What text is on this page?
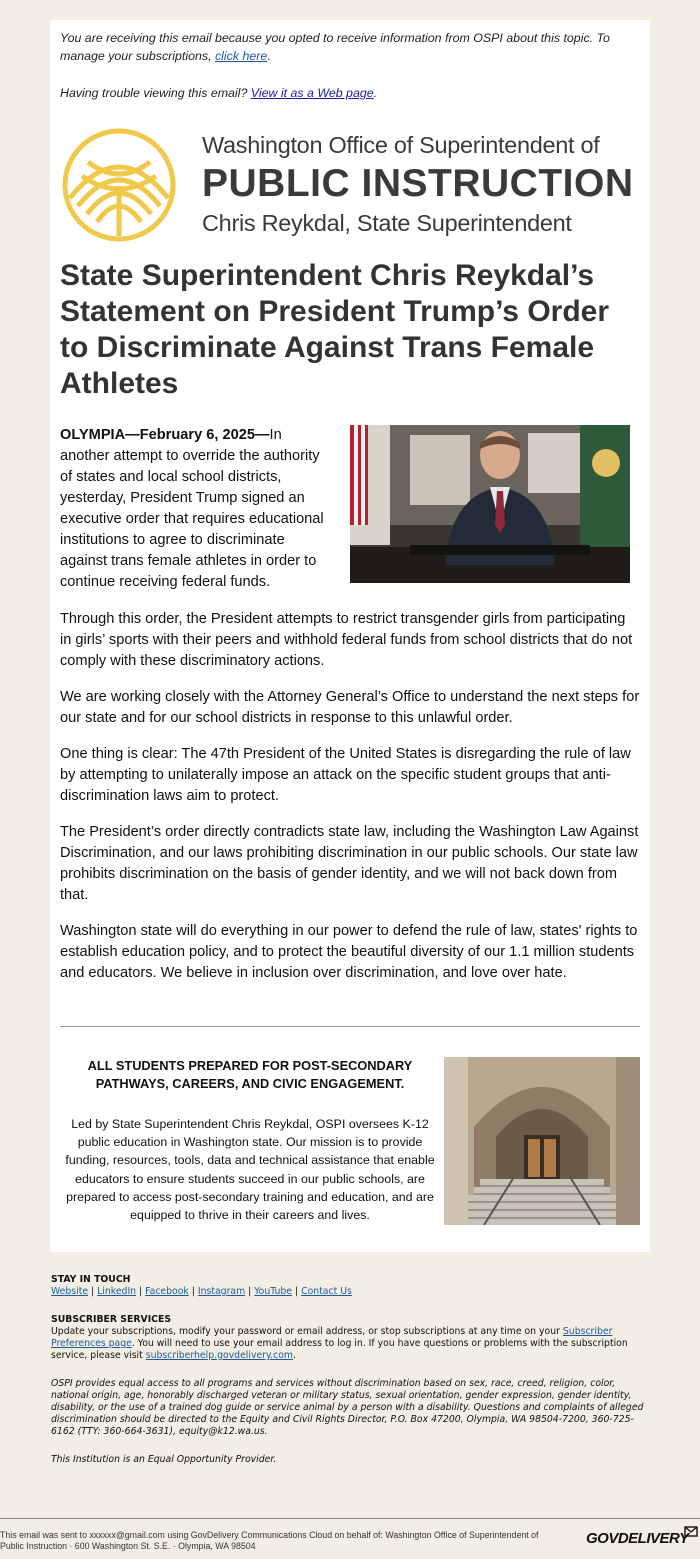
You are receiving this email because you opted to receive information from OSPI about this topic. To manage your subscriptions, click here.
Having trouble viewing this email? View it as a Web page.
Washington Office of Superintendent of
PUBLIC INSTRUCTION
Chris Reykdal, State Superintendent
State Superintendent Chris Reykdal’s Statement on President Trump’s Order to Discriminate Against Trans Female Athletes

OLYMPIA—February 6, 2025—In another attempt to override the authority of states and local school districts, yesterday, President Trump signed an executive order that requires educational institutions to agree to discriminate against trans female athletes in order to continue receiving federal funds.

Through this order, the President attempts to restrict transgender girls from participating in girls’ sports with their peers and withhold federal funds from school districts that do not comply with these discriminatory actions.

We are working closely with the Attorney General’s Office to understand the next steps for our state and for our school districts in response to this unlawful order.

One thing is clear: The 47th President of the United States is disregarding the rule of law by attempting to unilaterally impose an attack on the specific student groups that anti-discrimination laws aim to protect.

The President’s order directly contradicts state law, including the Washington Law Against Discrimination, and our laws prohibiting discrimination in our public schools. Our state law prohibits discrimination on the basis of gender identity, and we will not back down from that.

Washington state will do everything in our power to defend the rule of law, states' rights to establish education policy, and to protect the beautiful diversity of our 1.1 million students and educators. We believe in inclusion over discrimination, and love over hate.

ALL STUDENTS PREPARED FOR POST-SECONDARY PATHWAYS, CAREERS, AND CIVIC ENGAGEMENT.
Led by State Superintendent Chris Reykdal, OSPI oversees K-12 public education in Washington state. Our mission is to provide funding, resources, tools, data and technical assistance that enable educators to ensure students succeed in our public schools, are prepared to access post-secondary training and education, and are equipped to thrive in their careers and lives.
STAY IN TOUCH
Website | LinkedIn | Facebook | Instagram | YouTube | Contact Us
SUBSCRIBER SERVICES
Update your subscriptions, modify your password or email address, or stop subscriptions at any time on your Subscriber Preferences page. You will need to use your email address to log in. If you have questions or problems with the subscription service, please visit subscriberhelp.govdelivery.com.
OSPI provides equal access to all programs and services without discrimination based on sex, race, creed, religion, color, national origin, age, honorably discharged veteran or military status, sexual orientation, gender expression, gender identity, disability, or the use of a trained dog guide or service animal by a person with a disability. Questions and complaints of alleged discrimination should be directed to the Equity and Civil Rights Director, P.O. Box 47200, Olympia, WA 98504-7200, 360-725-6162 (TTY: 360-664-3631), equity@k12.wa.us.
This Institution is an Equal Opportunity Provider.
This email was sent to xxxxxx@gmail.com using GovDelivery Communications Cloud on behalf of: Washington Office of Superintendent of Public Instruction · 600 Washington St. S.E. · Olympia, WA 98504	GOVDELIVERY
